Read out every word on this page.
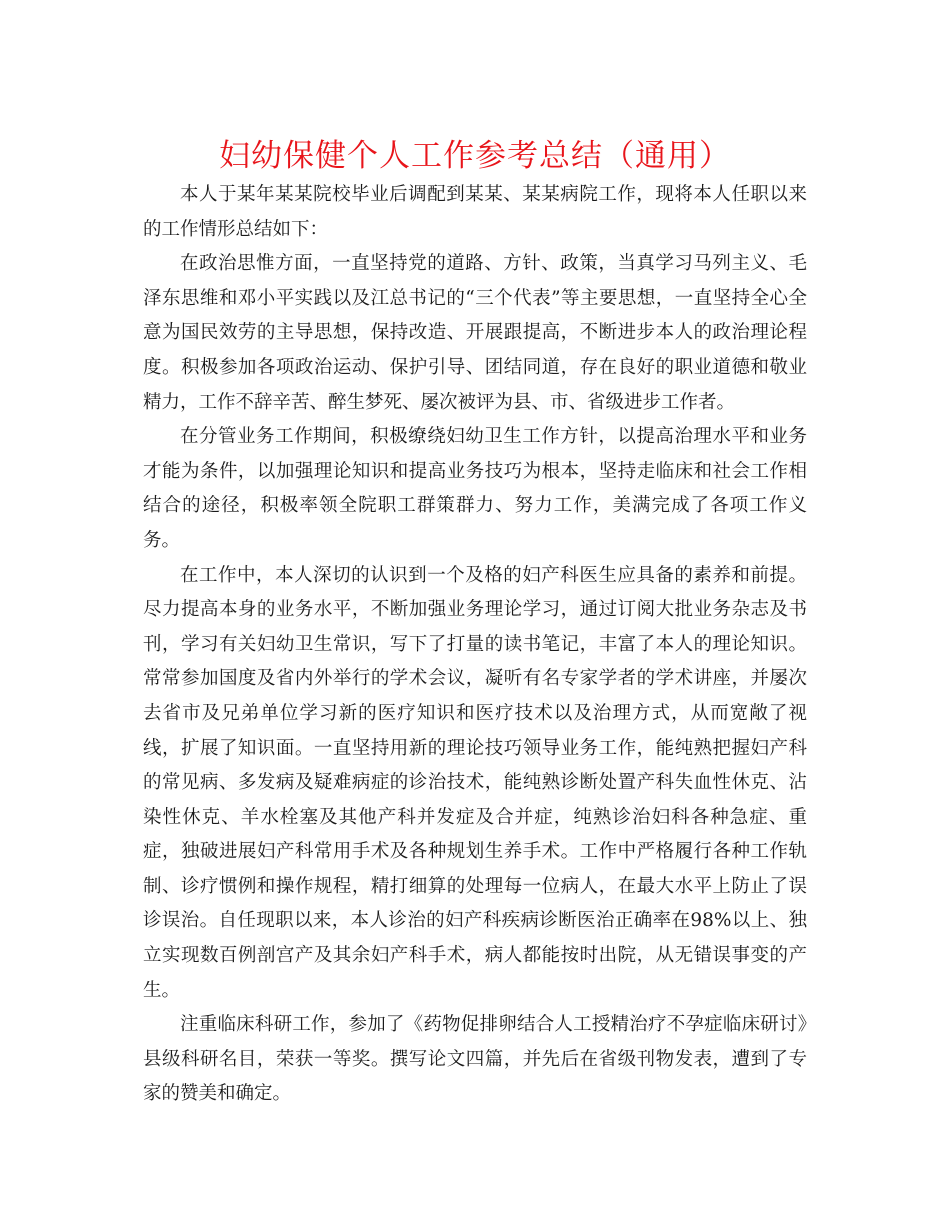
妇幼保健个人工作参考总结（通用）

本人于某年某某院校毕业后调配到某某、某某病院工作，现将本人任职以来的工作情形总结如下：

在政治思惟方面，一直坚持党的道路、方针、政策，当真学习马列主义、毛泽东思维和邓小平实践以及江总书记的“三个代表”等主要思想，一直坚持全心全意为国民效劳的主导思想，保持改造、开展跟提高，不断进步本人的政治理论程度。积极参加各项政治运动、保护引导、团结同道，存在良好的职业道德和敬业精力，工作不辞辛苦、醉生梦死、屡次被评为县、市、省级进步工作者。

在分管业务工作期间，积极缭绕妇幼卫生工作方针，以提高治理水平和业务才能为条件，以加强理论知识和提高业务技巧为根本，坚持走临床和社会工作相结合的途径，积极率领全院职工群策群力、努力工作，美满完成了各项工作义务。

在工作中，本人深切的认识到一个及格的妇产科医生应具备的素养和前提。尽力提高本身的业务水平，不断加强业务理论学习，通过订阅大批业务杂志及书刊，学习有关妇幼卫生常识，写下了打量的读书笔记，丰富了本人的理论知识。常常参加国度及省内外举行的学术会议，凝听有名专家学者的学术讲座，并屡次去省市及兄弟单位学习新的医疗知识和医疗技术以及治理方式，从而宽敞了视线，扩展了知识面。一直坚持用新的理论技巧领导业务工作，能纯熟把握妇产科的常见病、多发病及疑难病症的诊治技术，能纯熟诊断处置产科失血性休克、沾染性休克、羊水栓塞及其他产科并发症及合并症，纯熟诊治妇科各种急症、重症，独破进展妇产科常用手术及各种规划生养手术。工作中严格履行各种工作轨制、诊疗惯例和操作规程，精打细算的处理每一位病人，在最大水平上防止了误诊误治。自任现职以来，本人诊治的妇产科疾病诊断医治正确率在98%以上、独立实现数百例剖宫产及其余妇产科手术，病人都能按时出院，从无错误事变的产生。

注重临床科研工作，参加了《药物促排卵结合人工授精治疗不孕症临床研讨》县级科研名目，荣获一等奖。撰写论文四篇，并先后在省级刊物发表，遭到了专家的赞美和确定。
